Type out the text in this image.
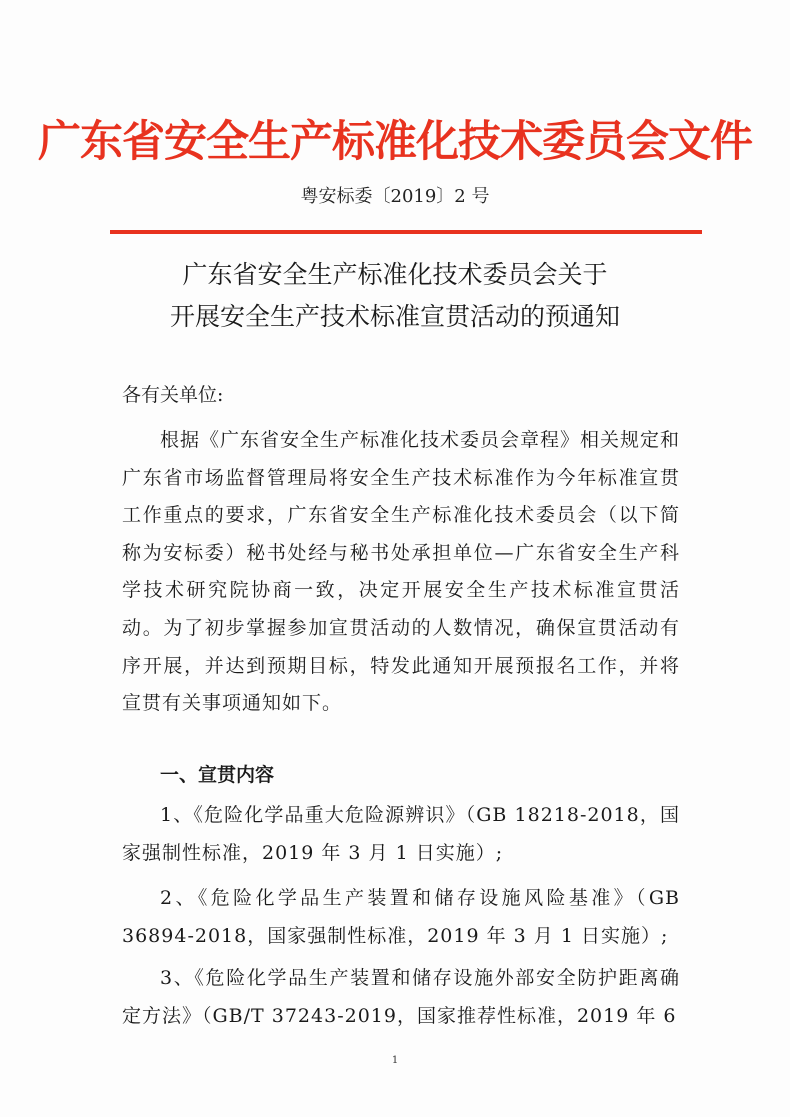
广东省安全生产标准化技术委员会文件
粤安标委〔2019〕2 号
广东省安全生产标准化技术委员会关于
开展安全生产技术标准宣贯活动的预通知
各有关单位:
根据《广东省安全生产标准化技术委员会章程》相关规定和广东省市场监督管理局将安全生产技术标准作为今年标准宣贯工作重点的要求，广东省安全生产标准化技术委员会（以下简称为安标委）秘书处经与秘书处承担单位—广东省安全生产科学技术研究院协商一致，决定开展安全生产技术标准宣贯活动。为了初步掌握参加宣贯活动的人数情况，确保宣贯活动有序开展，并达到预期目标，特发此通知开展预报名工作，并将宣贯有关事项通知如下。
一、宣贯内容
1、《危险化学品重大危险源辨识》（GB 18218-2018，国家强制性标准，2019 年 3 月 1 日实施）;
2、《危险化学品生产装置和储存设施风险基准》（GB 36894-2018，国家强制性标准，2019 年 3 月 1 日实施）;
3、《危险化学品生产装置和储存设施外部安全防护距离确定方法》（GB/T 37243-2019，国家推荐性标准，2019 年 6
1
